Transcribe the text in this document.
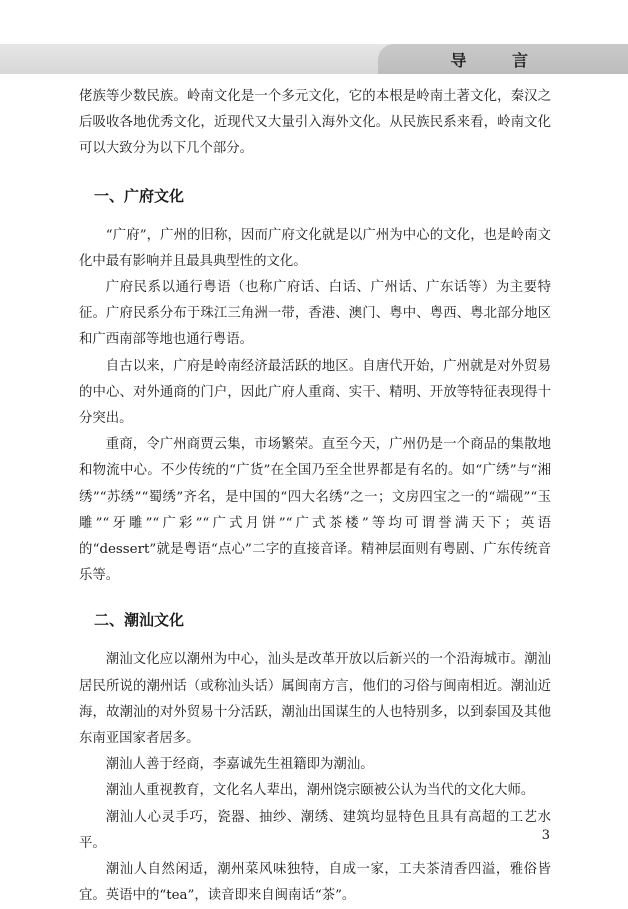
导 言

佬族等少数民族。岭南文化是一个多元文化，它的本根是岭南土著文化，秦汉之后吸收各地优秀文化，近现代又大量引入海外文化。从民族民系来看，岭南文化可以大致分为以下几个部分。

一、广府文化

“广府”，广州的旧称，因而广府文化就是以广州为中心的文化，也是岭南文化中最有影响并且最具典型性的文化。

广府民系以通行粤语（也称广府话、白话、广州话、广东话等）为主要特征。广府民系分布于珠江三角洲一带，香港、澳门、粤中、粤西、粤北部分地区和广西南部等地也通行粤语。

自古以来，广府是岭南经济最活跃的地区。自唐代开始，广州就是对外贸易的中心、对外通商的门户，因此广府人重商、实干、精明、开放等特征表现得十分突出。

重商，令广州商贾云集，市场繁荣。直至今天，广州仍是一个商品的集散地和物流中心。不少传统的“广货”在全国乃至全世界都是有名的。如“广绣”与“湘绣”“苏绣”“蜀绣”齐名，是中国的“四大名绣”之一；文房四宝之一的“端砚”“玉雕”“牙雕”“广彩”“广式月饼”“广式茶楼”等均可谓誉满天下；英语的“dessert”就是粤语“点心”二字的直接音译。精神层面则有粤剧、广东传统音乐等。

二、潮汕文化

潮汕文化应以潮州为中心，汕头是改革开放以后新兴的一个沿海城市。潮汕居民所说的潮州话（或称汕头话）属闽南方言，他们的习俗与闽南相近。潮汕近海，故潮汕的对外贸易十分活跃，潮汕出国谋生的人也特别多，以到泰国及其他东南亚国家者居多。

潮汕人善于经商，李嘉诚先生祖籍即为潮汕。

潮汕人重视教育，文化名人辈出，潮州饶宗颐被公认为当代的文化大师。

潮汕人心灵手巧，瓷器、抽纱、潮绣、建筑均显特色且具有高超的工艺水平。

潮汕人自然闲适，潮州菜风味独特，自成一家，工夫茶清香四溢，雅俗皆宜。英语中的“tea”，读音即来自闽南话“茶”。

3
